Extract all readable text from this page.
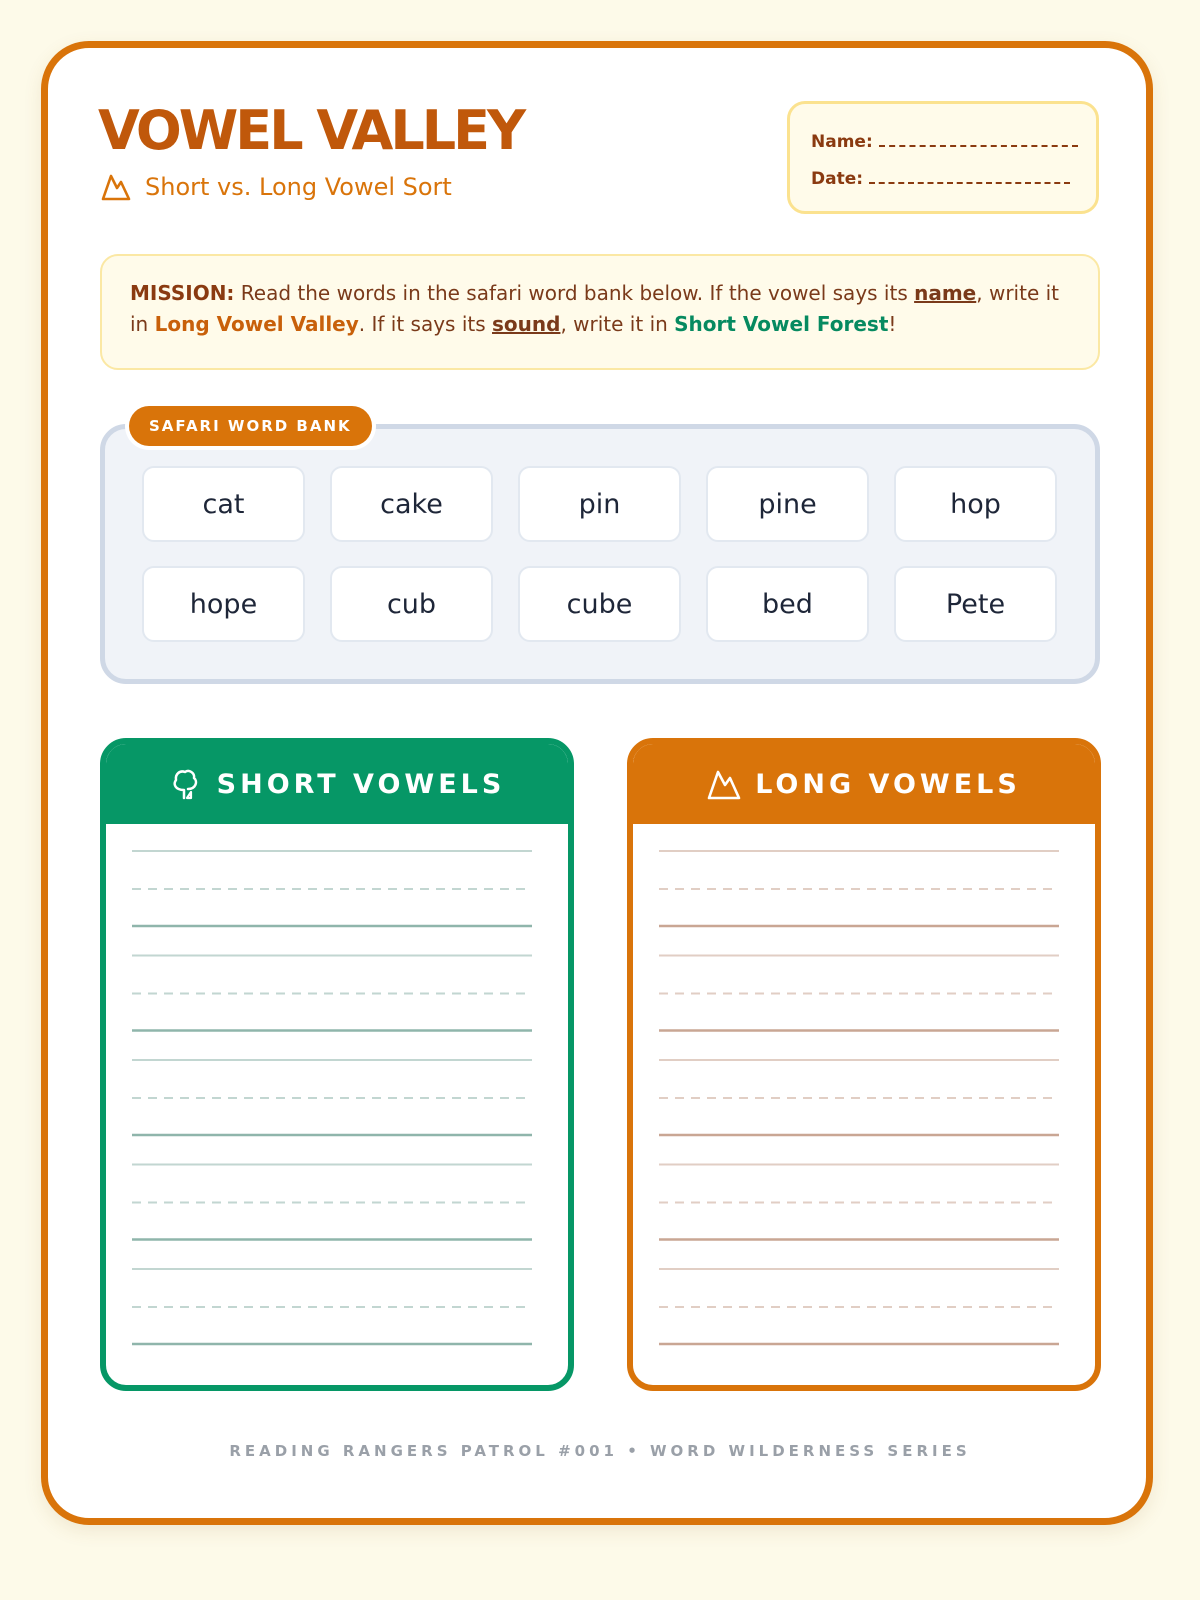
VOWEL VALLEY
Short vs. Long Vowel Sort
Name:
Date:
MISSION: Read the words in the safari word bank below. If the vowel says its name, write it in Long Vowel Valley. If it says its sound, write it in Short Vowel Forest!
SAFARI WORD BANK
cat	cake	pin	pine	hop
hope	cub	cube	bed	Pete
SHORT VOWELS	LONG VOWELS
READING RANGERS PATROL #001 • WORD WILDERNESS SERIES
